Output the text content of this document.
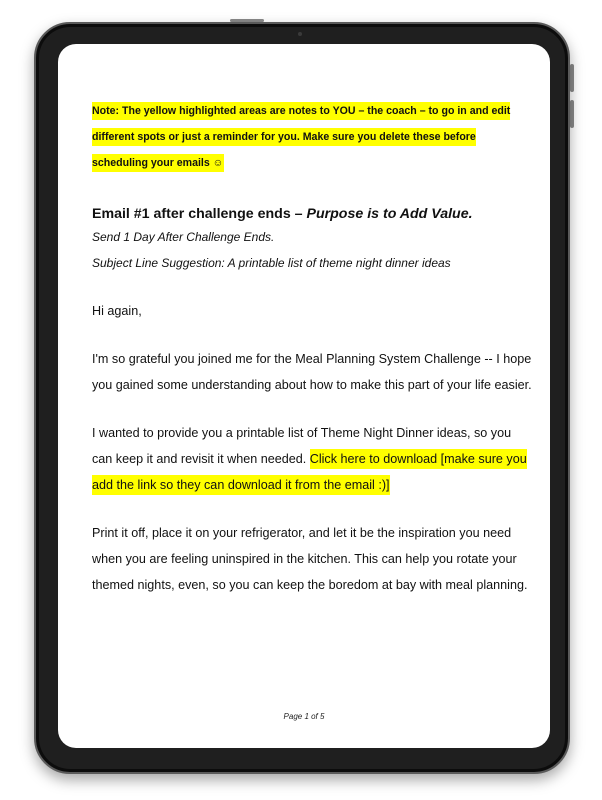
Note: The yellow highlighted areas are notes to YOU – the coach – to go in and edit different spots or just a reminder for you. Make sure you delete these before scheduling your emails ☺
Email #1 after challenge ends – Purpose is to Add Value.
Send 1 Day After Challenge Ends.
Subject Line Suggestion: A printable list of theme night dinner ideas
Hi again,
I'm so grateful you joined me for the Meal Planning System Challenge -- I hope you gained some understanding about how to make this part of your life easier.
I wanted to provide you a printable list of Theme Night Dinner ideas, so you can keep it and revisit it when needed. Click here to download [make sure you add the link so they can download it from the email :)]
Print it off, place it on your refrigerator, and let it be the inspiration you need when you are feeling uninspired in the kitchen. This can help you rotate your themed nights, even, so you can keep the boredom at bay with meal planning.
Page 1 of 5
